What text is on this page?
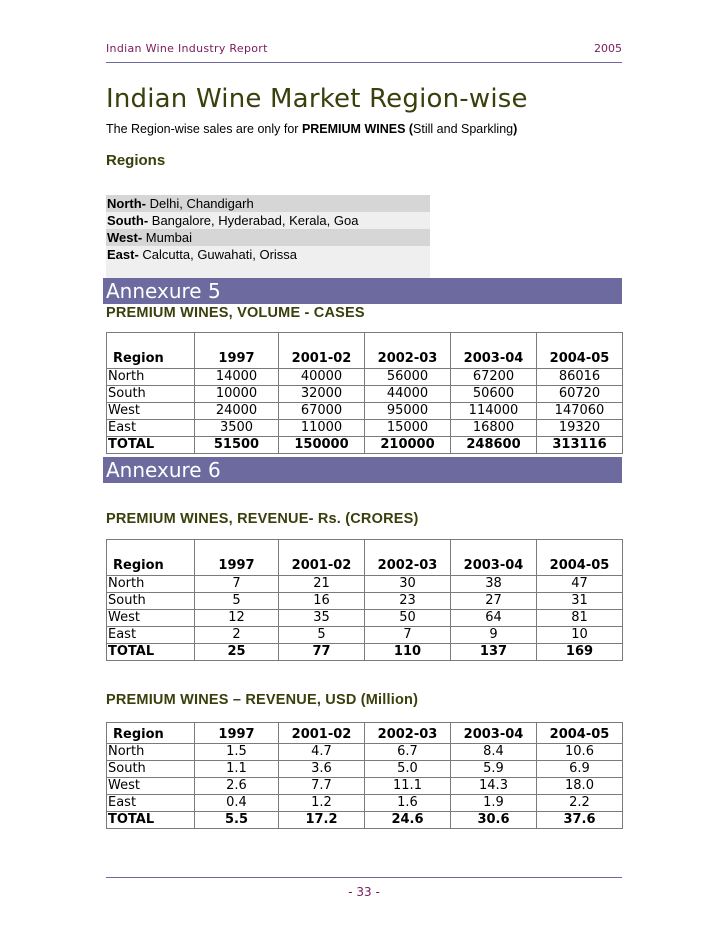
Indian Wine Industry Report	2005
Indian Wine Market Region-wise
The Region-wise sales are only for PREMIUM WINES (Still and Sparkling)
Regions
North- Delhi, Chandigarh
South- Bangalore, Hyderabad, Kerala, Goa
West- Mumbai
East- Calcutta, Guwahati, Orissa
Annexure 5
PREMIUM WINES, VOLUME - CASES
Region	1997	2001-02	2002-03	2003-04	2004-05
North	14000	40000	56000	67200	86016
South	10000	32000	44000	50600	60720
West	24000	67000	95000	114000	147060
East	3500	11000	15000	16800	19320
TOTAL	51500	150000	210000	248600	313116
Annexure 6
PREMIUM WINES, REVENUE- Rs. (CRORES)
Region	1997	2001-02	2002-03	2003-04	2004-05
North	7	21	30	38	47
South	5	16	23	27	31
West	12	35	50	64	81
East	2	5	7	9	10
TOTAL	25	77	110	137	169
PREMIUM WINES – REVENUE, USD (Million)
Region	1997	2001-02	2002-03	2003-04	2004-05
North	1.5	4.7	6.7	8.4	10.6
South	1.1	3.6	5.0	5.9	6.9
West	2.6	7.7	11.1	14.3	18.0
East	0.4	1.2	1.6	1.9	2.2
TOTAL	5.5	17.2	24.6	30.6	37.6
- 33 -
